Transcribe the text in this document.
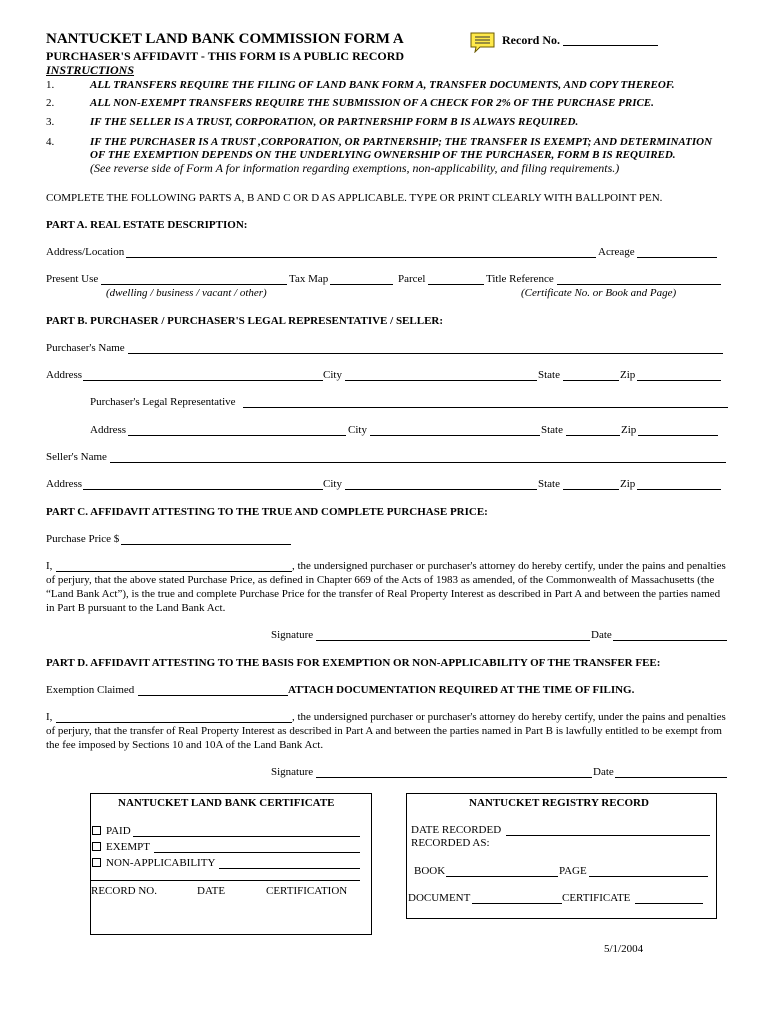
NANTUCKET LAND BANK COMMISSION FORM A	Record No.
PURCHASER'S AFFIDAVIT - THIS FORM IS A PUBLIC RECORD
INSTRUCTIONS
1.	ALL TRANSFERS REQUIRE THE FILING OF LAND BANK FORM A, TRANSFER DOCUMENTS, AND COPY THEREOF.
2.	ALL NON-EXEMPT TRANSFERS REQUIRE THE SUBMISSION OF A CHECK FOR 2% OF THE PURCHASE PRICE.
3.	IF THE SELLER IS A TRUST, CORPORATION, OR PARTNERSHIP FORM B IS ALWAYS REQUIRED.
4.	IF THE PURCHASER IS A TRUST ,CORPORATION, OR PARTNERSHIP; THE TRANSFER IS EXEMPT; AND DETERMINATION
OF THE EXEMPTION DEPENDS ON THE UNDERLYING OWNERSHIP OF THE PURCHASER, FORM B IS REQUIRED.
(See reverse side of Form A for information regarding exemptions, non-applicability, and filing requirements.)
COMPLETE THE FOLLOWING PARTS A, B AND C OR D AS APPLICABLE. TYPE OR PRINT CLEARLY WITH BALLPOINT PEN.
PART A. REAL ESTATE DESCRIPTION:
Address/Location	Acreage
Present Use	Tax Map	Parcel	Title Reference
(dwelling / business / vacant / other)	(Certificate No. or Book and Page)
PART B. PURCHASER / PURCHASER'S LEGAL REPRESENTATIVE / SELLER:
Purchaser's Name
Address	City	State	Zip
Purchaser's Legal Representative
Address	City	State	Zip
Seller's Name
Address	City	State	Zip
PART C. AFFIDAVIT ATTESTING TO THE TRUE AND COMPLETE PURCHASE PRICE:
Purchase Price $
I,	, the undersigned purchaser or purchaser's attorney do hereby certify, under the pains and penalties
of perjury, that the above stated Purchase Price, as defined in Chapter 669 of the Acts of 1983 as amended, of the Commonwealth of Massachusetts (the
“Land Bank Act”), is the true and complete Purchase Price for the transfer of Real Property Interest as described in Part A and between the parties named
in Part B pursuant to the Land Bank Act.
Signature	Date
PART D. AFFIDAVIT ATTESTING TO THE BASIS FOR EXEMPTION OR NON-APPLICABILITY OF THE TRANSFER FEE:
Exemption Claimed	ATTACH DOCUMENTATION REQUIRED AT THE TIME OF FILING.
I,	, the undersigned purchaser or purchaser's attorney do hereby certify, under the pains and penalties
of perjury, that the transfer of Real Property Interest as described in Part A and between the parties named in Part B is lawfully entitled to be exempt from
the fee imposed by Sections 10 and 10A of the Land Bank Act.
Signature	Date
NANTUCKET LAND BANK CERTIFICATE
PAID
EXEMPT
NON-APPLICABILITY
RECORD NO.	DATE	CERTIFICATION
NANTUCKET REGISTRY RECORD
DATE RECORDED
RECORDED AS:
BOOK	PAGE
DOCUMENT	CERTIFICATE
5/1/2004
